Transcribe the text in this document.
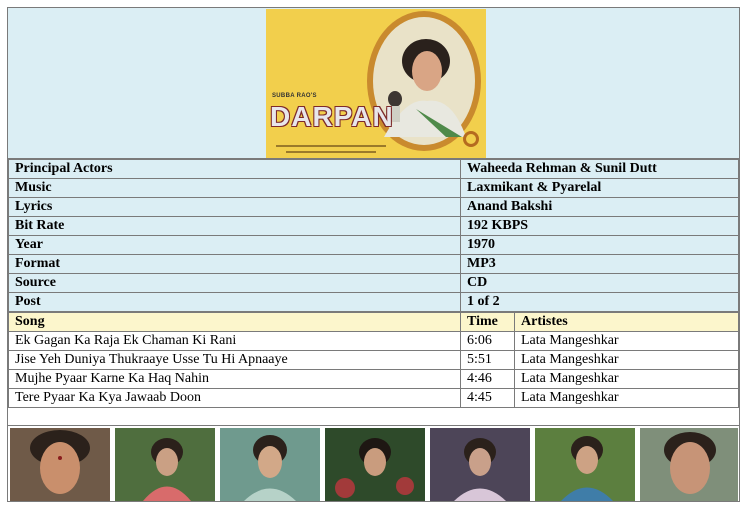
SUBBA RAO'S
DARPAN
Principal Actors	Waheeda Rehman & Sunil Dutt
Music	Laxmikant & Pyarelal
Lyrics	Anand Bakshi
Bit Rate	192 KBPS
Year	1970
Format	MP3
Source	CD
Post	1 of 2
Song	Time	Artistes
Ek Gagan Ka Raja Ek Chaman Ki Rani	6:06	Lata Mangeshkar
Jise Yeh Duniya Thukraaye Usse Tu Hi Apnaaye	5:51	Lata Mangeshkar
Mujhe Pyaar Karne Ka Haq Nahin	4:46	Lata Mangeshkar
Tere Pyaar Ka Kya Jawaab Doon	4:45	Lata Mangeshkar
